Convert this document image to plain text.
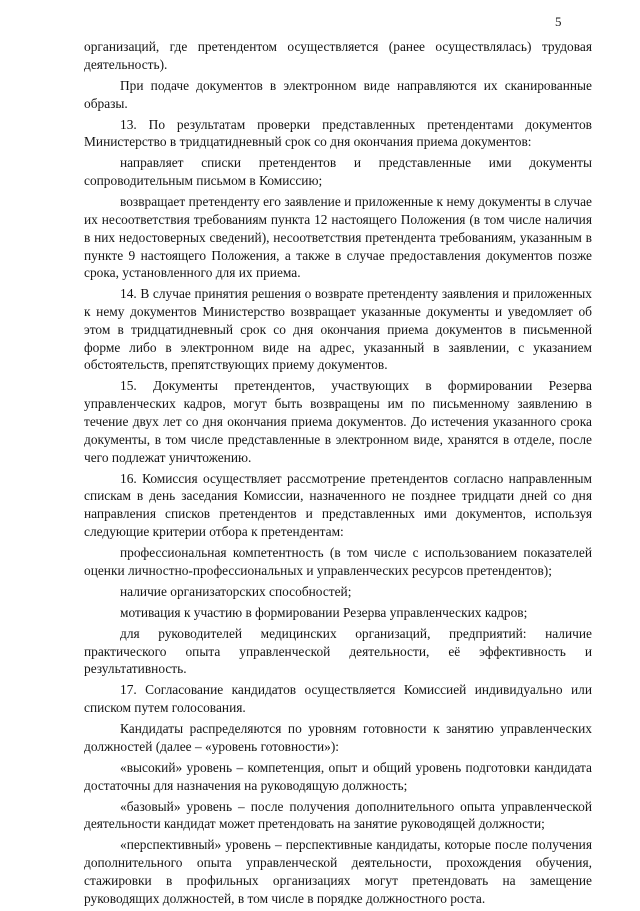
5

организаций, где претендентом осуществляется (ранее осуществлялась) трудовая деятельность).

При подаче документов в электронном виде направляются их сканированные образы.

13. По результатам проверки представленных претендентами документов Министерство в тридцатидневный срок со дня окончания приема документов:

направляет списки претендентов и представленные ими документы сопроводительным письмом в Комиссию;

возвращает претенденту его заявление и приложенные к нему документы в случае их несоответствия требованиям пункта 12 настоящего Положения (в том числе наличия в них недостоверных сведений), несоответствия претендента требованиям, указанным в пункте 9 настоящего Положения, а также в случае предоставления документов позже срока, установленного для их приема.

14. В случае принятия решения о возврате претенденту заявления и приложенных к нему документов Министерство возвращает указанные документы и уведомляет об этом в тридцатидневный срок со дня окончания приема документов в письменной форме либо в электронном виде на адрес, указанный в заявлении, с указанием обстоятельств, препятствующих приему документов.

15. Документы претендентов, участвующих в формировании Резерва управленческих кадров, могут быть возвращены им по письменному заявлению в течение двух лет со дня окончания приема документов. До истечения указанного срока документы, в том числе представленные в электронном виде, хранятся в отделе, после чего подлежат уничтожению.

16. Комиссия осуществляет рассмотрение претендентов согласно направленным спискам в день заседания Комиссии, назначенного не позднее тридцати дней со дня направления списков претендентов и представленных ими документов, используя следующие критерии отбора к претендентам:

профессиональная компетентность (в том числе с использованием показателей оценки личностно-профессиональных и управленческих ресурсов претендентов);

наличие организаторских способностей;

мотивация к участию в формировании Резерва управленческих кадров;

для руководителей медицинских организаций, предприятий: наличие практического опыта управленческой деятельности, её эффективность и результативность.

17. Согласование кандидатов осуществляется Комиссией индивидуально или списком путем голосования.

Кандидаты распределяются по уровням готовности к занятию управленческих должностей (далее – «уровень готовности»):

«высокий» уровень – компетенция, опыт и общий уровень подготовки кандидата достаточны для назначения на руководящую должность;

«базовый» уровень – после получения дополнительного опыта управленческой деятельности кандидат может претендовать на занятие руководящей должности;

«перспективный» уровень – перспективные кандидаты, которые после получения дополнительного опыта управленческой деятельности, прохождения обучения, стажировки в профильных организациях могут претендовать на замещение руководящих должностей, в том числе в порядке должностного роста.
